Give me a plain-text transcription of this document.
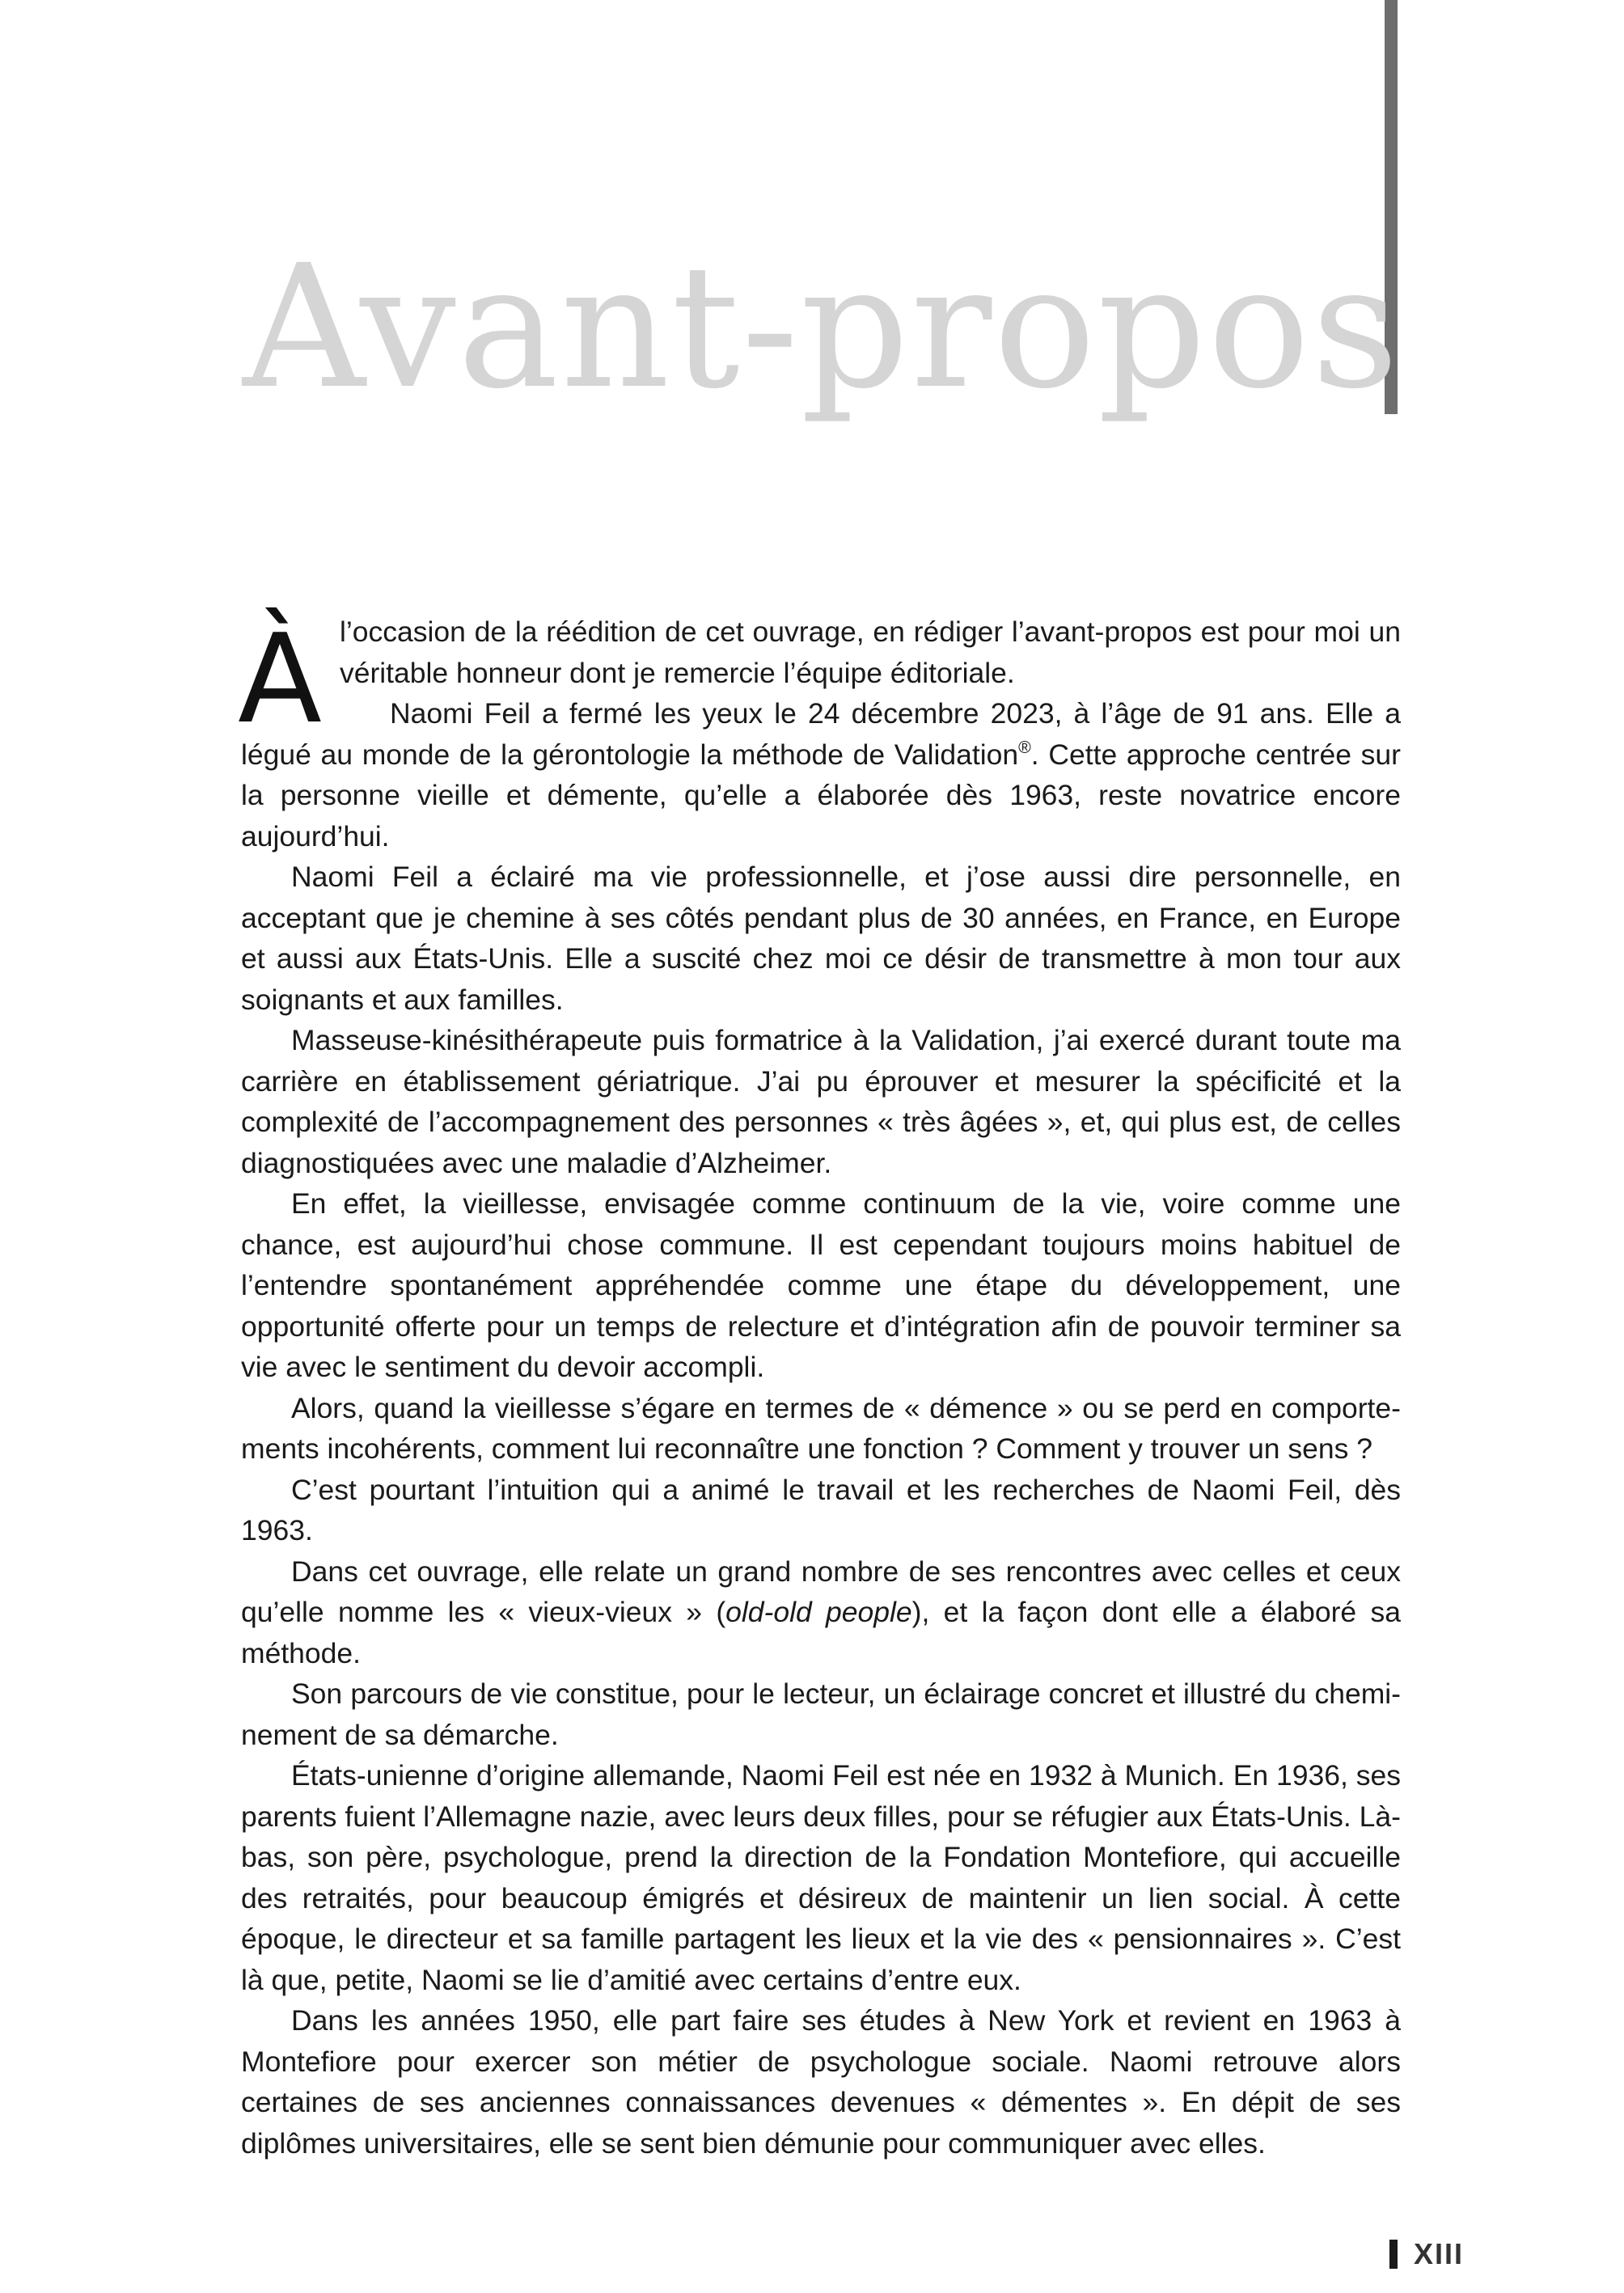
Avant-propos

À l’occasion de la réédition de cet ouvrage, en rédiger l’avant-propos est pour moi un véritable honneur dont je remercie l’équipe éditoriale.

Naomi Feil a fermé les yeux le 24 décembre 2023, à l’âge de 91 ans. Elle a légué au monde de la gérontologie la méthode de Validation®. Cette approche centrée sur la personne vieille et démente, qu’elle a élaborée dès 1963, reste novatrice encore aujourd’hui.

Naomi Feil a éclairé ma vie professionnelle, et j’ose aussi dire personnelle, en acceptant que je chemine à ses côtés pendant plus de 30 années, en France, en Europe et aussi aux États-Unis. Elle a suscité chez moi ce désir de transmettre à mon tour aux soignants et aux familles.

Masseuse-kinésithérapeute puis formatrice à la Validation, j’ai exercé durant toute ma carrière en établissement gériatrique. J’ai pu éprouver et mesurer la spécificité et la complexité de l’accompagnement des personnes « très âgées », et, qui plus est, de celles diagnostiquées avec une maladie d’Alzheimer.

En effet, la vieillesse, envisagée comme continuum de la vie, voire comme une chance, est aujourd’hui chose commune. Il est cependant toujours moins habituel de l’entendre spontanément appréhendée comme une étape du développement, une opportunité offerte pour un temps de relecture et d’intégration afin de pouvoir terminer sa vie avec le sentiment du devoir accompli.

Alors, quand la vieillesse s’égare en termes de « démence » ou se perd en comportements incohérents, comment lui reconnaître une fonction ? Comment y trouver un sens ?

C’est pourtant l’intuition qui a animé le travail et les recherches de Naomi Feil, dès 1963.

Dans cet ouvrage, elle relate un grand nombre de ses rencontres avec celles et ceux qu’elle nomme les « vieux-vieux » (old-old people), et la façon dont elle a élaboré sa méthode.

Son parcours de vie constitue, pour le lecteur, un éclairage concret et illustré du cheminement de sa démarche.

États-unienne d’origine allemande, Naomi Feil est née en 1932 à Munich. En 1936, ses parents fuient l’Allemagne nazie, avec leurs deux filles, pour se réfugier aux États-Unis. Là-bas, son père, psychologue, prend la direction de la Fondation Montefiore, qui accueille des retraités, pour beaucoup émigrés et désireux de maintenir un lien social. À cette époque, le directeur et sa famille partagent les lieux et la vie des « pensionnaires ». C’est là que, petite, Naomi se lie d’amitié avec certains d’entre eux.

Dans les années 1950, elle part faire ses études à New York et revient en 1963 à Montefiore pour exercer son métier de psychologue sociale. Naomi retrouve alors certaines de ses anciennes connaissances devenues « démentes ». En dépit de ses diplômes universitaires, elle se sent bien démunie pour communiquer avec elles.

XIII
